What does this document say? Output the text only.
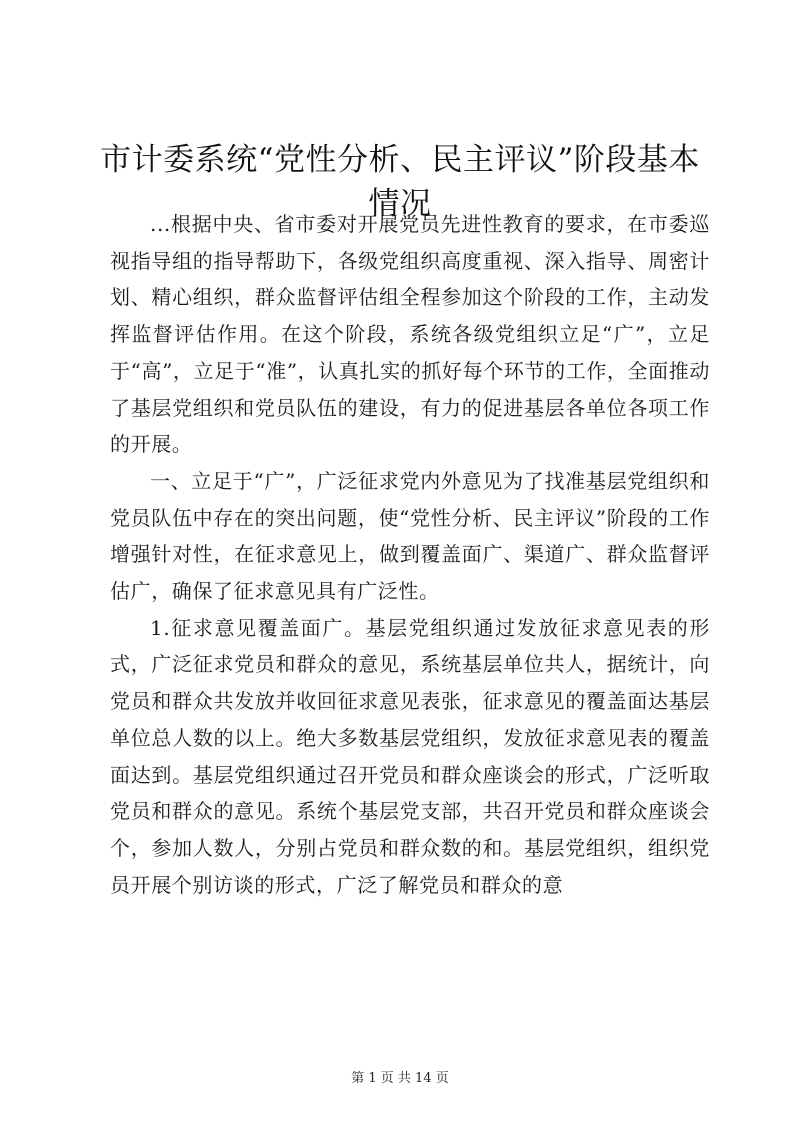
市计委系统“党性分析、民主评议”阶段基本情况

...根据中央、省市委对开展党员先进性教育的要求，在市委巡视指导组的指导帮助下，各级党组织高度重视、深入指导、周密计划、精心组织，群众监督评估组全程参加这个阶段的工作，主动发挥监督评估作用。在这个阶段，系统各级党组织立足“广”，立足于“高”，立足于“准”，认真扎实的抓好每个环节的工作，全面推动了基层党组织和党员队伍的建设，有力的促进基层各单位各项工作的开展。

一、立足于“广”，广泛征求党内外意见为了找准基层党组织和党员队伍中存在的突出问题，使“党性分析、民主评议”阶段的工作增强针对性，在征求意见上，做到覆盖面广、渠道广、群众监督评估广，确保了征求意见具有广泛性。

1.征求意见覆盖面广。基层党组织通过发放征求意见表的形式，广泛征求党员和群众的意见，系统基层单位共人，据统计，向党员和群众共发放并收回征求意见表张，征求意见的覆盖面达基层单位总人数的以上。绝大多数基层党组织，发放征求意见表的覆盖面达到。基层党组织通过召开党员和群众座谈会的形式，广泛听取党员和群众的意见。系统个基层党支部，共召开党员和群众座谈会个，参加人数人，分别占党员和群众数的和。基层党组织，组织党员开展个别访谈的形式，广泛了解党员和群众的意

第 1 页 共 14 页
